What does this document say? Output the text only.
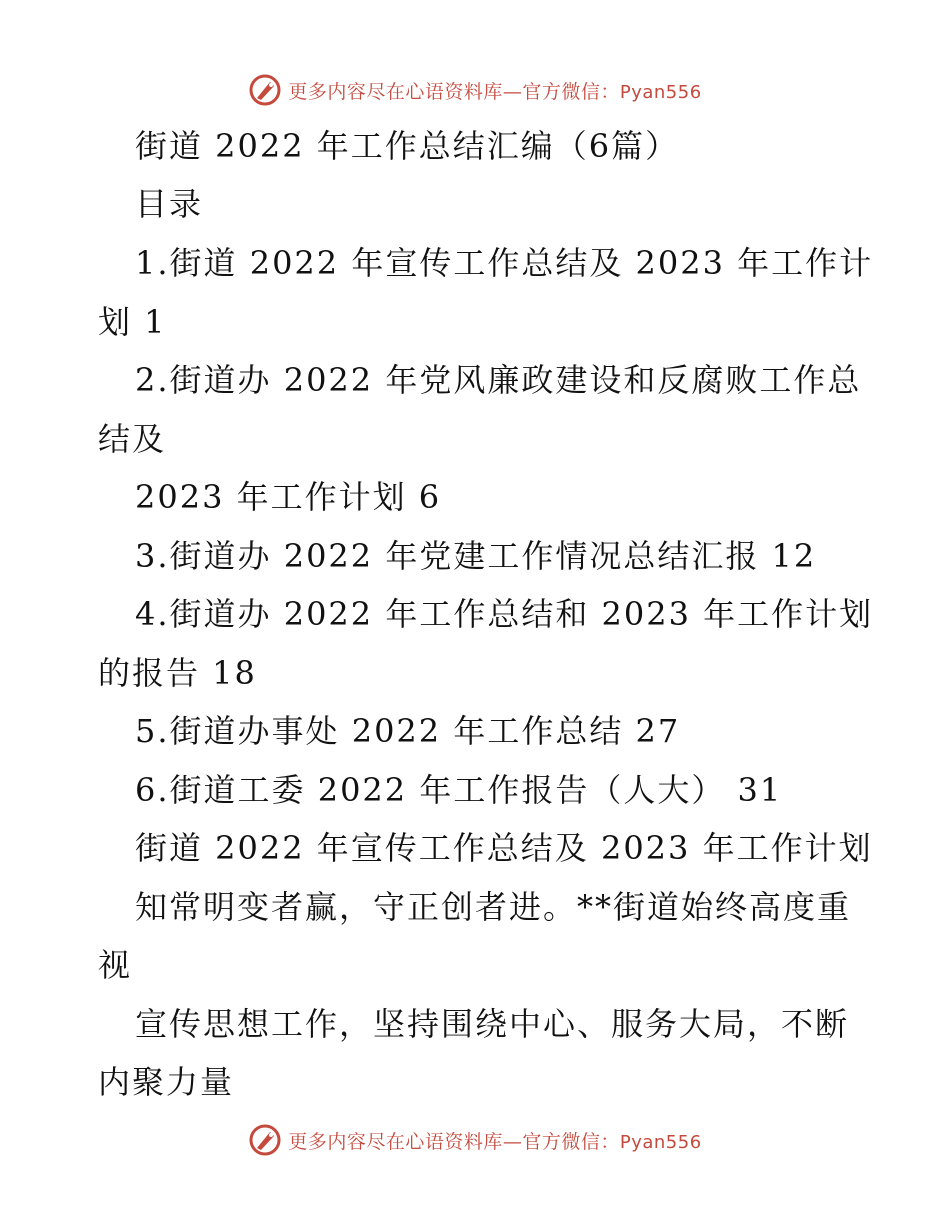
更多内容尽在心语资料库—官方微信：Pyan556
街道 2022 年工作总结汇编（6篇）
目录
1.街道 2022 年宣传工作总结及 2023 年工作计
划 1
2.街道办 2022 年党风廉政建设和反腐败工作总
结及
2023 年工作计划 6
3.街道办 2022 年党建工作情况总结汇报 12
4.街道办 2022 年工作总结和 2023 年工作计划
的报告 18
5.街道办事处 2022 年工作总结 27
6.街道工委 2022 年工作报告（人大） 31
街道 2022 年宣传工作总结及 2023 年工作计划
知常明变者赢，守正创者进。**街道始终高度重
视
宣传思想工作，坚持围绕中心、服务大局，不断
内聚力量
更多内容尽在心语资料库—官方微信：Pyan556
